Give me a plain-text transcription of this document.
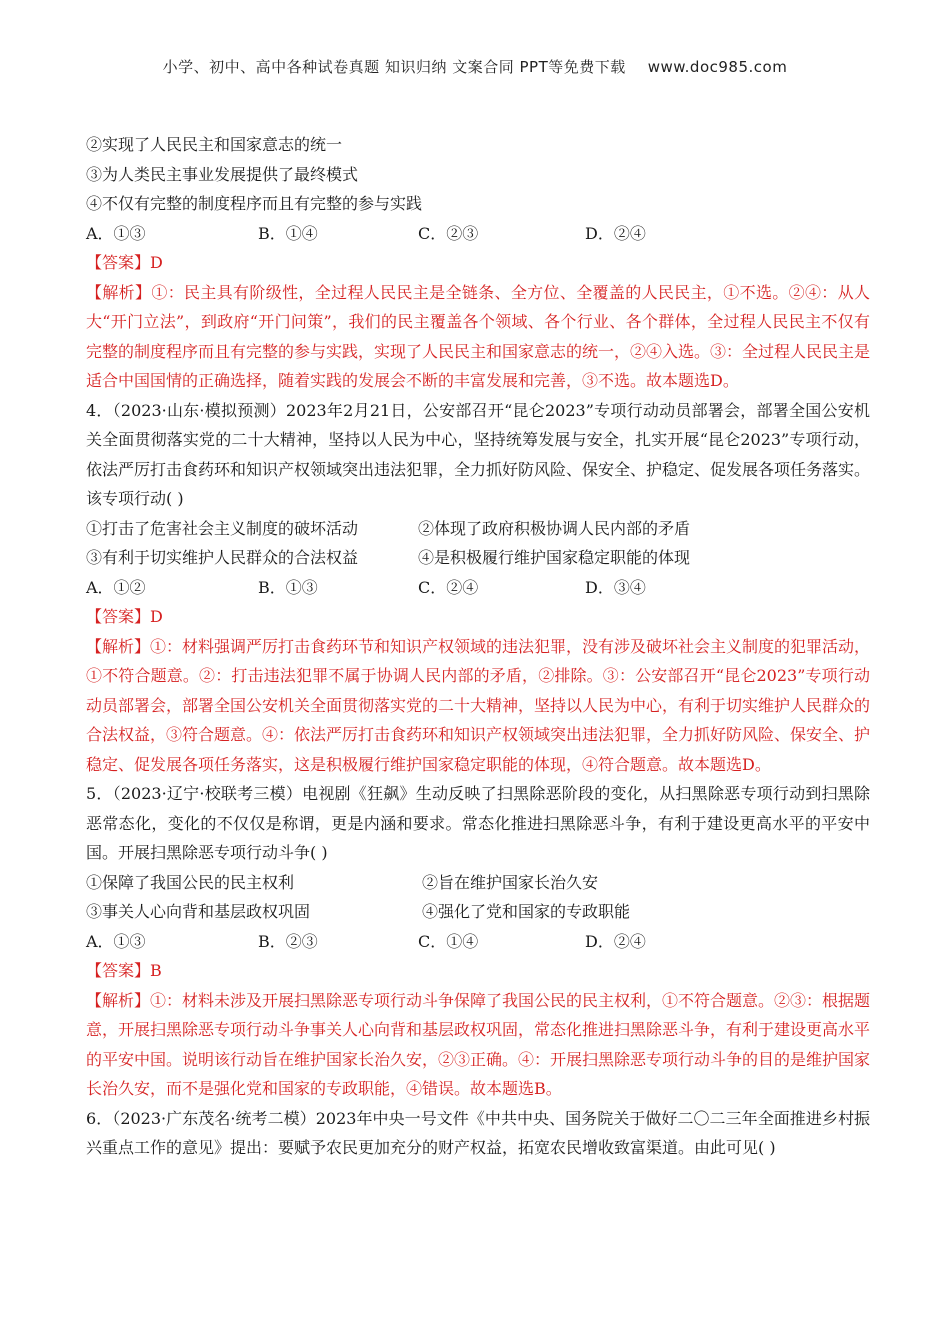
小学、初中、高中各种试卷真题 知识归纳 文案合同 PPT等免费下载 www.doc985.com
②实现了人民民主和国家意志的统一
③为人类民主事业发展提供了最终模式
④不仅有完整的制度程序而且有完整的参与实践
A．①③	B．①④	C．②③	D．②④
【答案】D
【解析】①：民主具有阶级性，全过程人民民主是全链条、全方位、全覆盖的人民民主，①不选。②④：从人大“开门立法”，到政府“开门问策”，我们的民主覆盖各个领域、各个行业、各个群体，全过程人民民主不仅有完整的制度程序而且有完整的参与实践，实现了人民民主和国家意志的统一，②④入选。③：全过程人民民主是适合中国国情的正确选择，随着实践的发展会不断的丰富发展和完善，③不选。故本题选D。
4．（2023·山东·模拟预测）2023年2月21日，公安部召开“昆仑2023”专项行动动员部署会，部署全国公安机关全面贯彻落实党的二十大精神，坚持以人民为中心，坚持统筹发展与安全，扎实开展“昆仑2023”专项行动，依法严厉打击食药环和知识产权领域突出违法犯罪，全力抓好防风险、保安全、护稳定、促发展各项任务落实。该专项行动( )
①打击了危害社会主义制度的破坏活动	②体现了政府积极协调人民内部的矛盾
③有利于切实维护人民群众的合法权益	④是积极履行维护国家稳定职能的体现
A．①②	B．①③	C．②④	D．③④
【答案】D
【解析】①：材料强调严厉打击食药环节和知识产权领域的违法犯罪，没有涉及破坏社会主义制度的犯罪活动，①不符合题意。②：打击违法犯罪不属于协调人民内部的矛盾，②排除。③：公安部召开“昆仑2023”专项行动动员部署会，部署全国公安机关全面贯彻落实党的二十大精神，坚持以人民为中心，有利于切实维护人民群众的合法权益，③符合题意。④：依法严厉打击食药环和知识产权领域突出违法犯罪，全力抓好防风险、保安全、护稳定、促发展各项任务落实，这是积极履行维护国家稳定职能的体现，④符合题意。故本题选D。
5．（2023·辽宁·校联考三模）电视剧《狂飙》生动反映了扫黑除恶阶段的变化，从扫黑除恶专项行动到扫黑除恶常态化，变化的不仅仅是称谓，更是内涵和要求。常态化推进扫黑除恶斗争，有利于建设更高水平的平安中国。开展扫黑除恶专项行动斗争( )
①保障了我国公民的民主权利	②旨在维护国家长治久安
③事关人心向背和基层政权巩固	④强化了党和国家的专政职能
A．①③	B．②③	C．①④	D．②④
【答案】B
【解析】①：材料未涉及开展扫黑除恶专项行动斗争保障了我国公民的民主权利，①不符合题意。②③：根据题意，开展扫黑除恶专项行动斗争事关人心向背和基层政权巩固，常态化推进扫黑除恶斗争，有利于建设更高水平的平安中国。说明该行动旨在维护国家长治久安，②③正确。④：开展扫黑除恶专项行动斗争的目的是维护国家长治久安，而不是强化党和国家的专政职能，④错误。故本题选B。
6．（2023·广东茂名·统考二模）2023年中央一号文件《中共中央、国务院关于做好二〇二三年全面推进乡村振兴重点工作的意见》提出：要赋予农民更加充分的财产权益，拓宽农民增收致富渠道。由此可见( )
